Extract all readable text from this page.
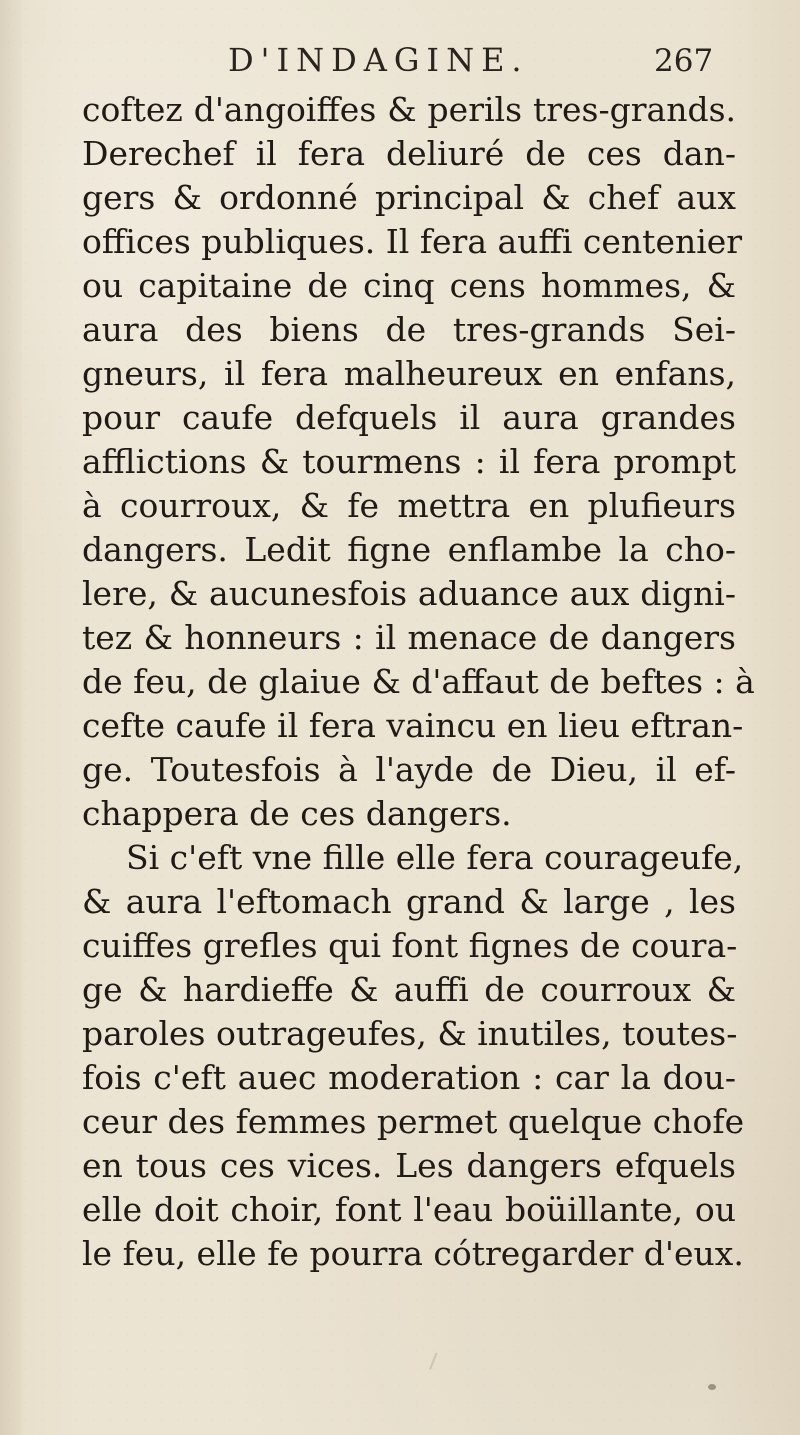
D'INDAGINE.	267
coftez d'angoiffes & perils tres-grands.
Derechef il fera deliuré de ces dan-
gers & ordonné principal & chef aux
offices publiques. Il fera auffi centenier
ou capitaine de cinq cens hommes, &
aura des biens de tres-grands Sei-
gneurs, il fera malheureux en enfans,
pour caufe defquels il aura grandes
afflictions & tourmens : il fera prompt
à courroux, & fe mettra en plufieurs
dangers. Ledit figne enflambe la cho-
lere, & aucunesfois aduance aux digni-
tez & honneurs : il menace de dangers
de feu, de glaiue & d'affaut de beftes : à
cefte caufe il fera vaincu en lieu eftran-
ge. Toutesfois à l'ayde de Dieu, il ef-
chappera de ces dangers.
Si c'eft vne fille elle fera courageufe,
& aura l'eftomach grand & large , les
cuiffes grefles qui font fignes de coura-
ge & hardieffe & auffi de courroux &
paroles outrageufes, & inutiles, toutes-
fois c'eft auec moderation : car la dou-
ceur des femmes permet quelque chofe
en tous ces vices. Les dangers efquels
elle doit choir, font l'eau boüillante, ou
le feu, elle fe pourra cótregarder d'eux.
